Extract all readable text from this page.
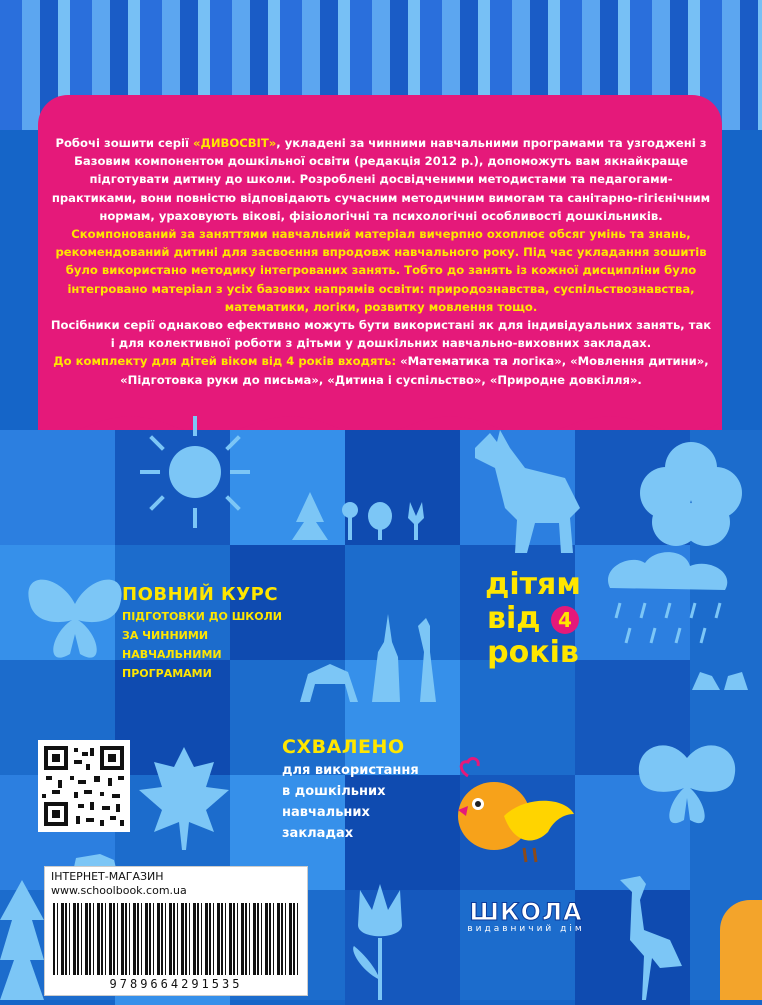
Робочі зошити серії «ДИВОСВІТ», укладені за чинними навчальними програмами та узгоджені з Базовим компонентом дошкільної освіти (редакція 2012 р.), допоможуть вам якнайкраще підготувати дитину до школи. Розроблені досвідченими методистами та педагогами-практиками, вони повністю відповідають сучасним методичним вимогам та санітарно-гігієнічним нормам, ураховують вікові, фізіологічні та психологічні особливості дошкільників.

Скомпонований за заняттями навчальний матеріал вичерпно охоплює обсяг умінь та знань, рекомендований дитині для засвоєння впродовж навчального року. Під час укладання зошитів було використано методику інтегрованих занять. Тобто до занять із кожної дисципліни було інтегровано матеріал з усіх базових напрямів освіти: природознавства, суспільствознавства, математики, логіки, розвитку мовлення тощо.

Посібники серії однаково ефективно можуть бути використані як для індивідуальних занять, так і для колективної роботи з дітьми у дошкільних навчально-виховних закладах.

До комплекту для дітей віком від 4 років входять: «Математика та логіка», «Мовлення дитини», «Підготовка руки до письма», «Дитина і суспільство», «Природне довкілля».

ПОВНИЙ КУРС
ПІДГОТОВКИ ДО ШКОЛИ
ЗА ЧИННИМИ
НАВЧАЛЬНИМИ
ПРОГРАМАМИ
дітям
від 4
років
СХВАЛЕНО
для використання
в дошкільних
навчальних
закладах
ІНТЕРНЕТ-МАГАЗИН
www.schoolbook.com.ua
9789664291535
ШКОЛА
видавничий дім
